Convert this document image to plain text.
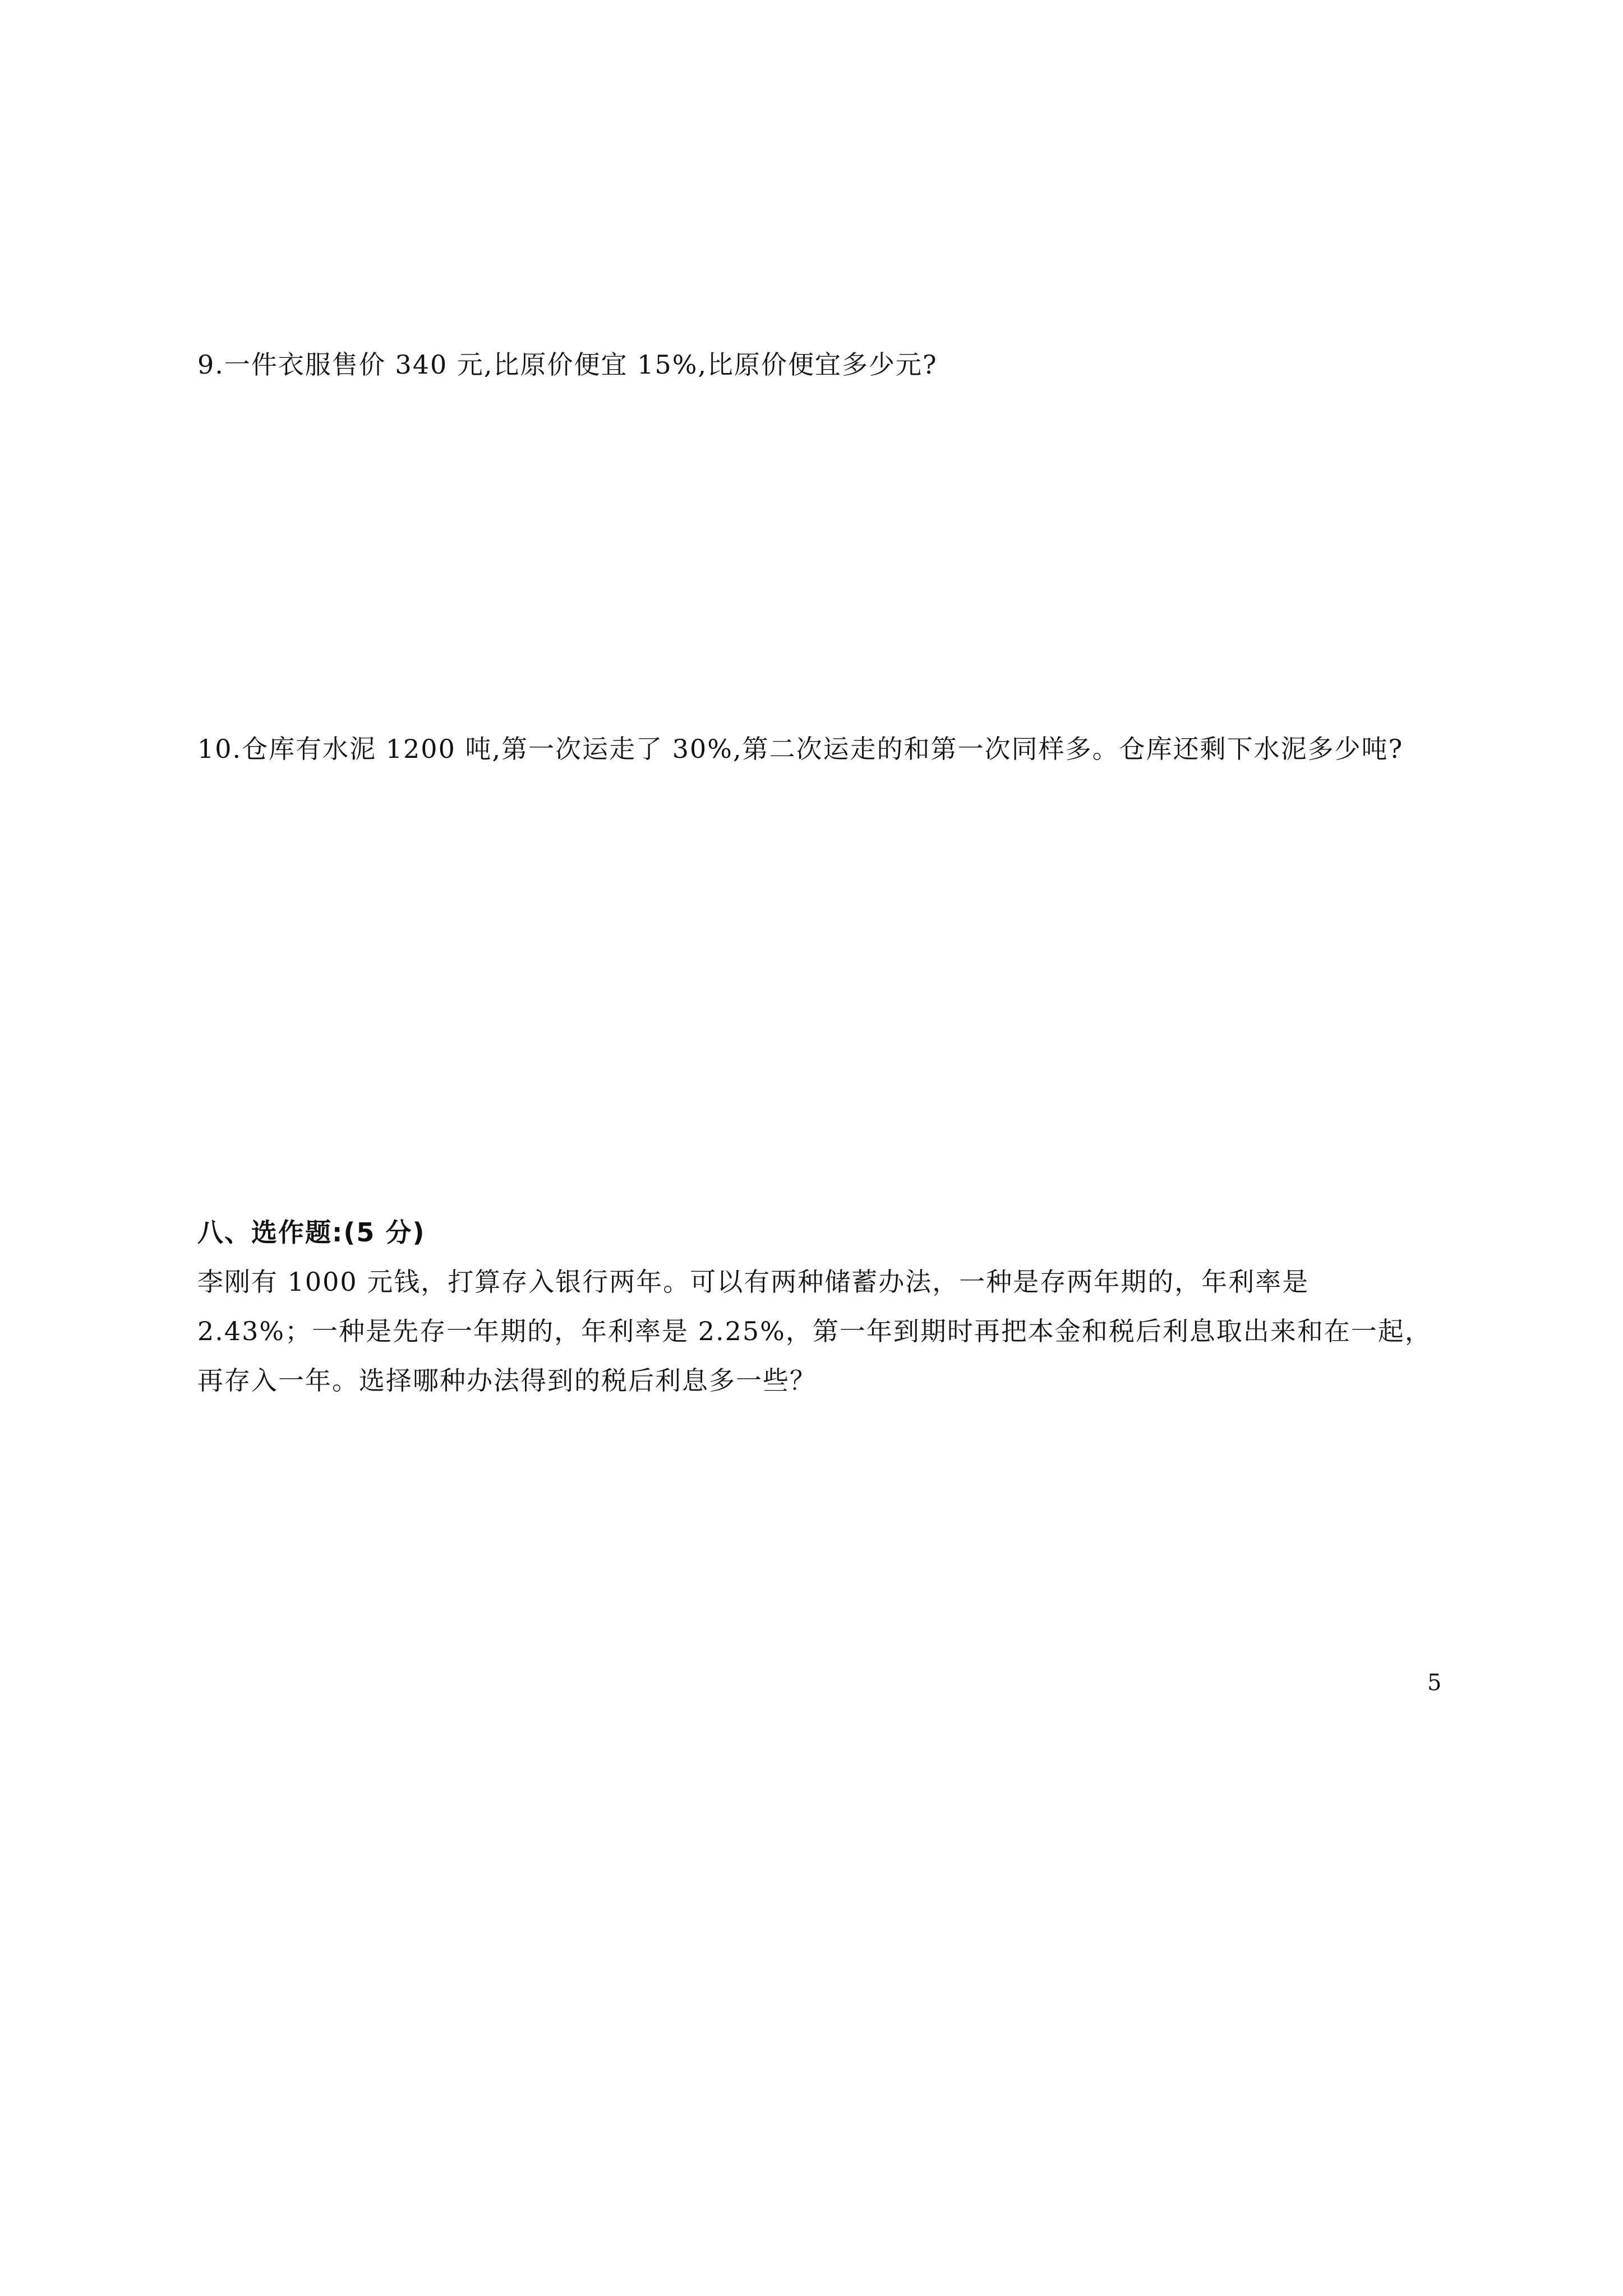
9.一件衣服售价 340 元,比原价便宜 15%,比原价便宜多少元?
10.仓库有水泥 1200 吨,第一次运走了 30%,第二次运走的和第一次同样多。仓库还剩下水泥多少吨?
八、选作题:(5 分)
李刚有 1000 元钱，打算存入银行两年。可以有两种储蓄办法，一种是存两年期的，年利率是
2.43%；一种是先存一年期的，年利率是 2.25%，第一年到期时再把本金和税后利息取出来和在一起，
再存入一年。选择哪种办法得到的税后利息多一些？
5
